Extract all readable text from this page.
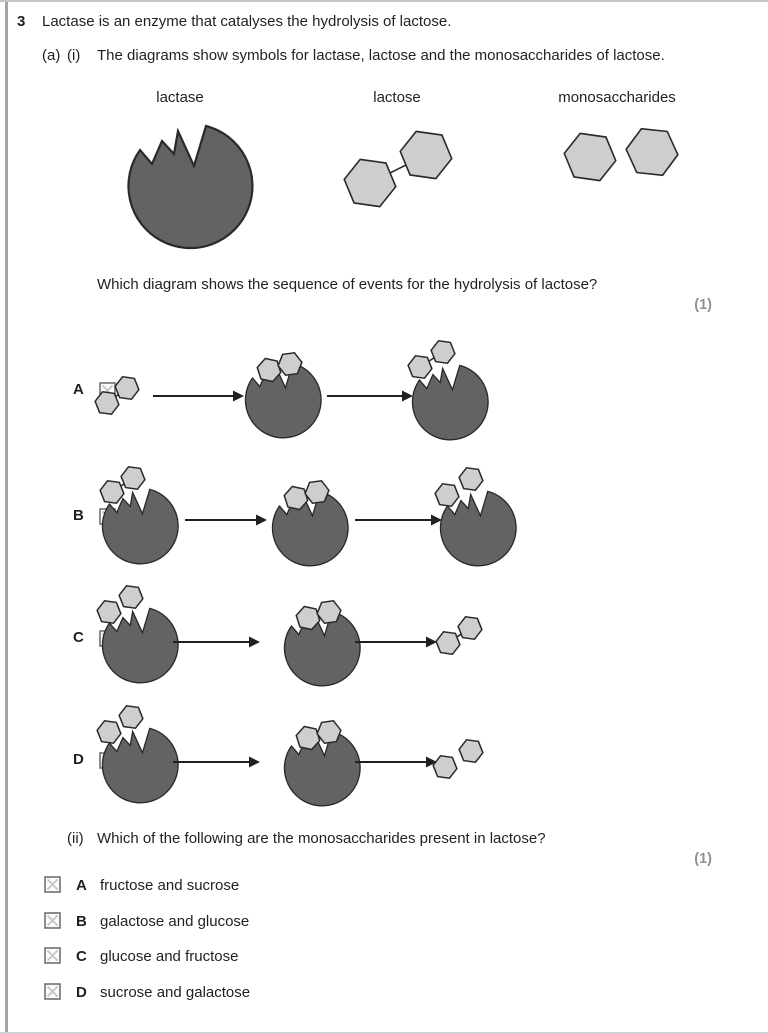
3 Lactase is an enzyme that catalyses the hydrolysis of lactose.
(a) (i) The diagrams show symbols for lactase, lactose and the monosaccharides of lactose.
lactase	lactose	monosaccharides
Which diagram shows the sequence of events for the hydrolysis of lactose?
(1)
A
B
C
D
(ii) Which of the following are the monosaccharides present in lactose?
(1)
A fructose and sucrose
B galactose and glucose
C glucose and fructose
D sucrose and galactose
